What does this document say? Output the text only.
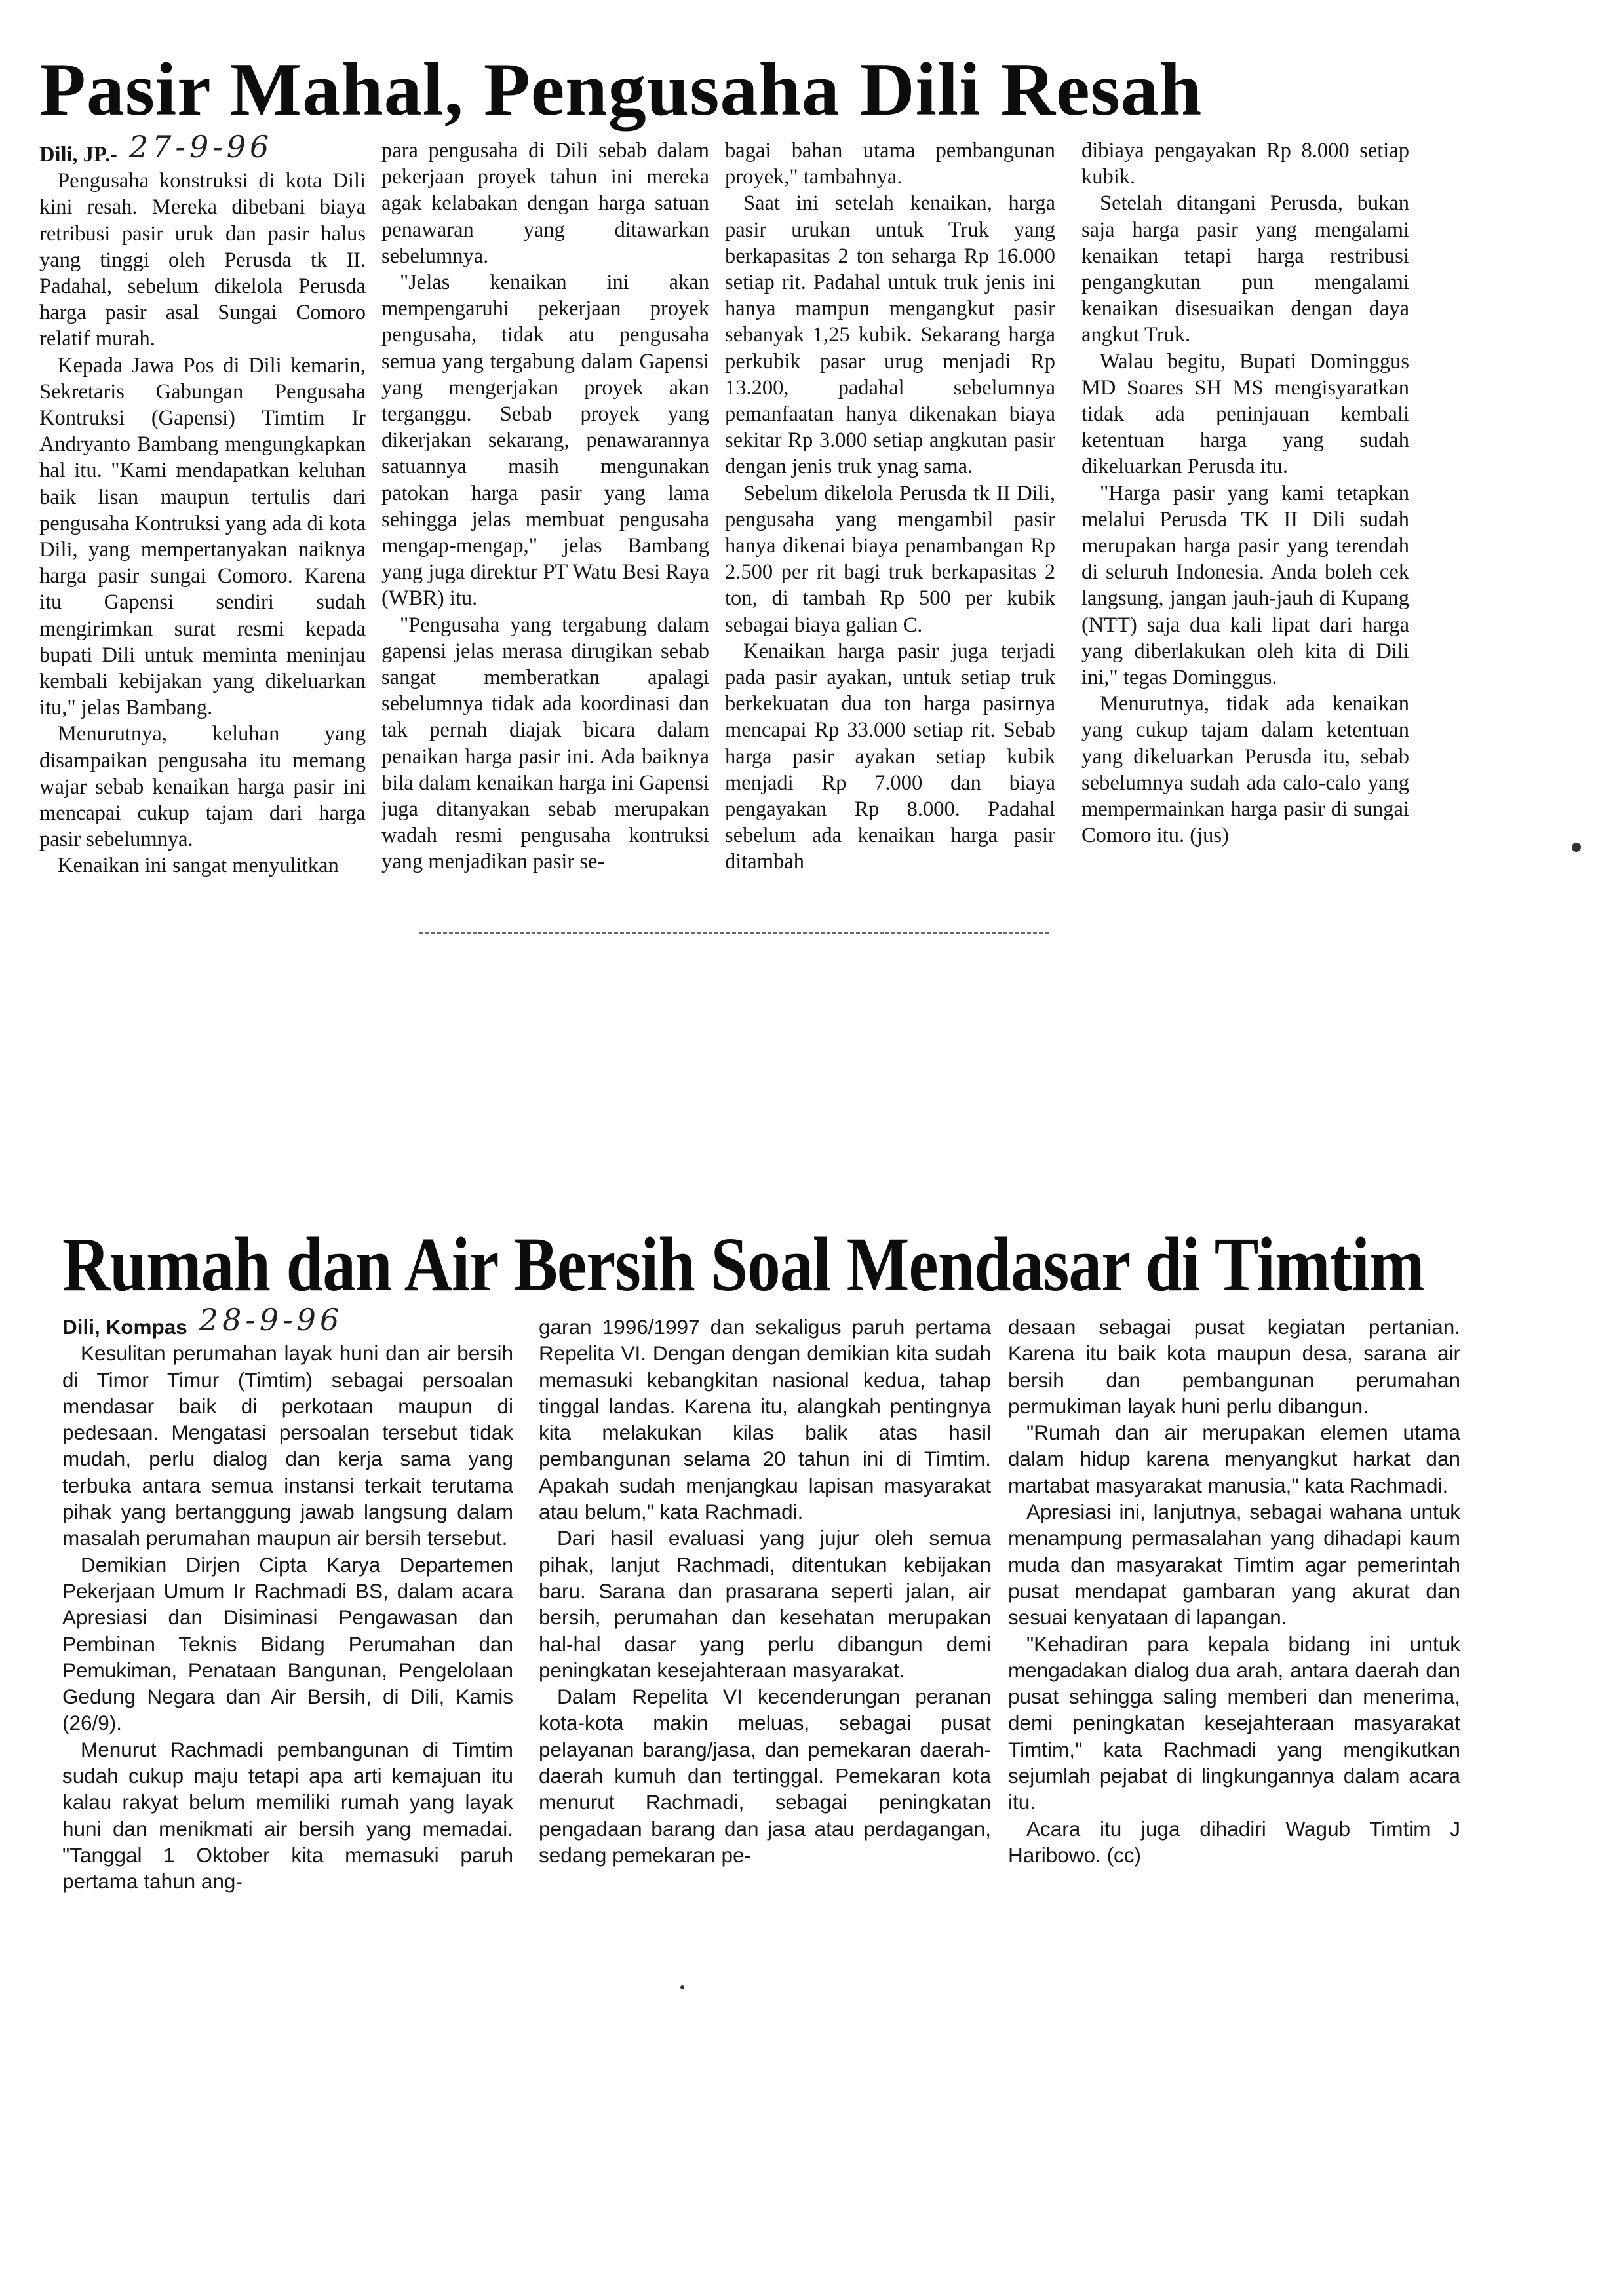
Pasir Mahal, Pengusaha Dili Resah

Dili, JP.- 27-9-96

Pengusaha konstruksi di kota Dili kini resah. Mereka dibebani biaya retribusi pasir uruk dan pasir halus yang tinggi oleh Perusda tk II. Padahal, sebelum dikelola Perusda harga pasir asal Sungai Comoro relatif murah.

Kepada Jawa Pos di Dili kemarin, Sekretaris Gabungan Pengusaha Kontruksi (Gapensi) Timtim Ir Andryanto Bambang mengungkapkan hal itu. "Kami mendapatkan keluhan baik lisan maupun tertulis dari pengusaha Kontruksi yang ada di kota Dili, yang mempertanyakan naiknya harga pasir sungai Comoro. Karena itu Gapensi sendiri sudah mengirimkan surat resmi kepada bupati Dili untuk meminta meninjau kembali kebijakan yang dikeluarkan itu," jelas Bambang.

Menurutnya, keluhan yang disampaikan pengusaha itu memang wajar sebab kenaikan harga pasir ini mencapai cukup tajam dari harga pasir sebelumnya.

Kenaikan ini sangat menyulitkan

para pengusaha di Dili sebab dalam pekerjaan proyek tahun ini mereka agak kelabakan dengan harga satuan penawaran yang ditawarkan sebelumnya.

"Jelas kenaikan ini akan mempengaruhi pekerjaan proyek pengusaha, tidak atu pengusaha semua yang tergabung dalam Gapensi yang mengerjakan proyek akan terganggu. Sebab proyek yang dikerjakan sekarang, penawarannya satuannya masih mengunakan patokan harga pasir yang lama sehingga jelas membuat pengusaha mengap-mengap," jelas Bambang yang juga direktur PT Watu Besi Raya (WBR) itu.

"Pengusaha yang tergabung dalam gapensi jelas merasa dirugikan sebab sangat memberatkan apalagi sebelumnya tidak ada koordinasi dan tak pernah diajak bicara dalam penaikan harga pasir ini. Ada baiknya bila dalam kenaikan harga ini Gapensi juga ditanyakan sebab merupakan wadah resmi pengusaha kontruksi yang menjadikan pasir se-

bagai bahan utama pembangunan proyek," tambahnya.

Saat ini setelah kenaikan, harga pasir urukan untuk Truk yang berkapasitas 2 ton seharga Rp 16.000 setiap rit. Padahal untuk truk jenis ini hanya mampun mengangkut pasir sebanyak 1,25 kubik. Sekarang harga perkubik pasar urug menjadi Rp 13.200, padahal sebelumnya pemanfaatan hanya dikenakan biaya sekitar Rp 3.000 setiap angkutan pasir dengan jenis truk ynag sama.

Sebelum dikelola Perusda tk II Dili, pengusaha yang mengambil pasir hanya dikenai biaya penambangan Rp 2.500 per rit bagi truk berkapasitas 2 ton, di tambah Rp 500 per kubik sebagai biaya galian C.

Kenaikan harga pasir juga terjadi pada pasir ayakan, untuk setiap truk berkekuatan dua ton harga pasirnya mencapai Rp 33.000 setiap rit. Sebab harga pasir ayakan setiap kubik menjadi Rp 7.000 dan biaya pengayakan Rp 8.000. Padahal sebelum ada kenaikan harga pasir ditambah

dibiaya pengayakan Rp 8.000 setiap kubik.

Setelah ditangani Perusda, bukan saja harga pasir yang mengalami kenaikan tetapi harga restribusi pengangkutan pun mengalami kenaikan disesuaikan dengan daya angkut Truk.

Walau begitu, Bupati Dominggus MD Soares SH MS mengisyaratkan tidak ada peninjauan kembali ketentuan harga yang sudah dikeluarkan Perusda itu.

"Harga pasir yang kami tetapkan melalui Perusda TK II Dili sudah merupakan harga pasir yang terendah di seluruh Indonesia. Anda boleh cek langsung, jangan jauh-jauh di Kupang (NTT) saja dua kali lipat dari harga yang diberlakukan oleh kita di Dili ini," tegas Dominggus.

Menurutnya, tidak ada kenaikan yang cukup tajam dalam ketentuan yang dikeluarkan Perusda itu, sebab sebelumnya sudah ada calo-calo yang mempermainkan harga pasir di sungai Comoro itu. (jus)

Rumah dan Air Bersih Soal Mendasar di Timtim

Dili, Kompas 28-9-96

Kesulitan perumahan layak huni dan air bersih di Timor Timur (Timtim) sebagai persoalan mendasar baik di perkotaan maupun di pedesaan. Mengatasi persoalan tersebut tidak mudah, perlu dialog dan kerja sama yang terbuka antara semua instansi terkait terutama pihak yang bertanggung jawab langsung dalam masalah perumahan maupun air bersih tersebut.

Demikian Dirjen Cipta Karya Departemen Pekerjaan Umum Ir Rachmadi BS, dalam acara Apresiasi dan Disiminasi Pengawasan dan Pembinan Teknis Bidang Perumahan dan Pemukiman, Penataan Bangunan, Pengelolaan Gedung Negara dan Air Bersih, di Dili, Kamis (26/9).

Menurut Rachmadi pembangunan di Timtim sudah cukup maju tetapi apa arti kemajuan itu kalau rakyat belum memiliki rumah yang layak huni dan menikmati air bersih yang memadai. "Tanggal 1 Oktober kita memasuki paruh pertama tahun ang-

garan 1996/1997 dan sekaligus paruh pertama Repelita VI. Dengan dengan demikian kita sudah memasuki kebangkitan nasional kedua, tahap tinggal landas. Karena itu, alangkah pentingnya kita melakukan kilas balik atas hasil pembangunan selama 20 tahun ini di Timtim. Apakah sudah menjangkau lapisan masyarakat atau belum," kata Rachmadi.

Dari hasil evaluasi yang jujur oleh semua pihak, lanjut Rachmadi, ditentukan kebijakan baru. Sarana dan prasarana seperti jalan, air bersih, perumahan dan kesehatan merupakan hal-hal dasar yang perlu dibangun demi peningkatan kesejahteraan masyarakat.

Dalam Repelita VI kecenderungan peranan kota-kota makin meluas, sebagai pusat pelayanan barang/jasa, dan pemekaran daerah-daerah kumuh dan tertinggal. Pemekaran kota menurut Rachmadi, sebagai peningkatan pengadaan barang dan jasa atau perdagangan, sedang pemekaran pe-

desaan sebagai pusat kegiatan pertanian. Karena itu baik kota maupun desa, sarana air bersih dan pembangunan perumahan permukiman layak huni perlu dibangun.

"Rumah dan air merupakan elemen utama dalam hidup karena menyangkut harkat dan martabat masyarakat manusia," kata Rachmadi.

Apresiasi ini, lanjutnya, sebagai wahana untuk menampung permasalahan yang dihadapi kaum muda dan masyarakat Timtim agar pemerintah pusat mendapat gambaran yang akurat dan sesuai kenyataan di lapangan.

"Kehadiran para kepala bidang ini untuk mengadakan dialog dua arah, antara daerah dan pusat sehingga saling memberi dan menerima, demi peningkatan kesejahteraan masyarakat Timtim," kata Rachmadi yang mengikutkan sejumlah pejabat di lingkungannya dalam acara itu.

Acara itu juga dihadiri Wagub Timtim J Haribowo. (cc)
